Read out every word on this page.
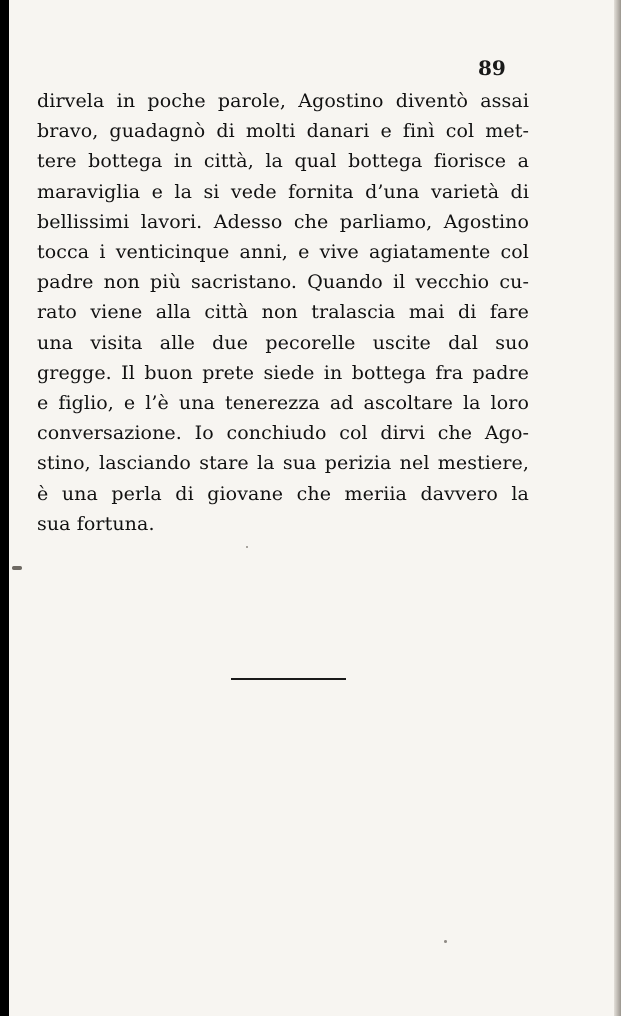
89
dirvela in poche parole, Agostino diventò assai
bravo, guadagnò di molti danari e finì col met-
tere bottega in città, la qual bottega fiorisce a
maraviglia e la si vede fornita d’una varietà di
bellissimi lavori. Adesso che parliamo, Agostino
tocca i venticinque anni, e vive agiatamente col
padre non più sacristano. Quando il vecchio cu-
rato viene alla città non tralascia mai di fare
una visita alle due pecorelle uscite dal suo
gregge. Il buon prete siede in bottega fra padre
e figlio, e l’è una tenerezza ad ascoltare la loro
conversazione. Io conchiudo col dirvi che Ago-
stino, lasciando stare la sua perizia nel mestiere,
è una perla di giovane che meriia davvero la
sua fortuna.
